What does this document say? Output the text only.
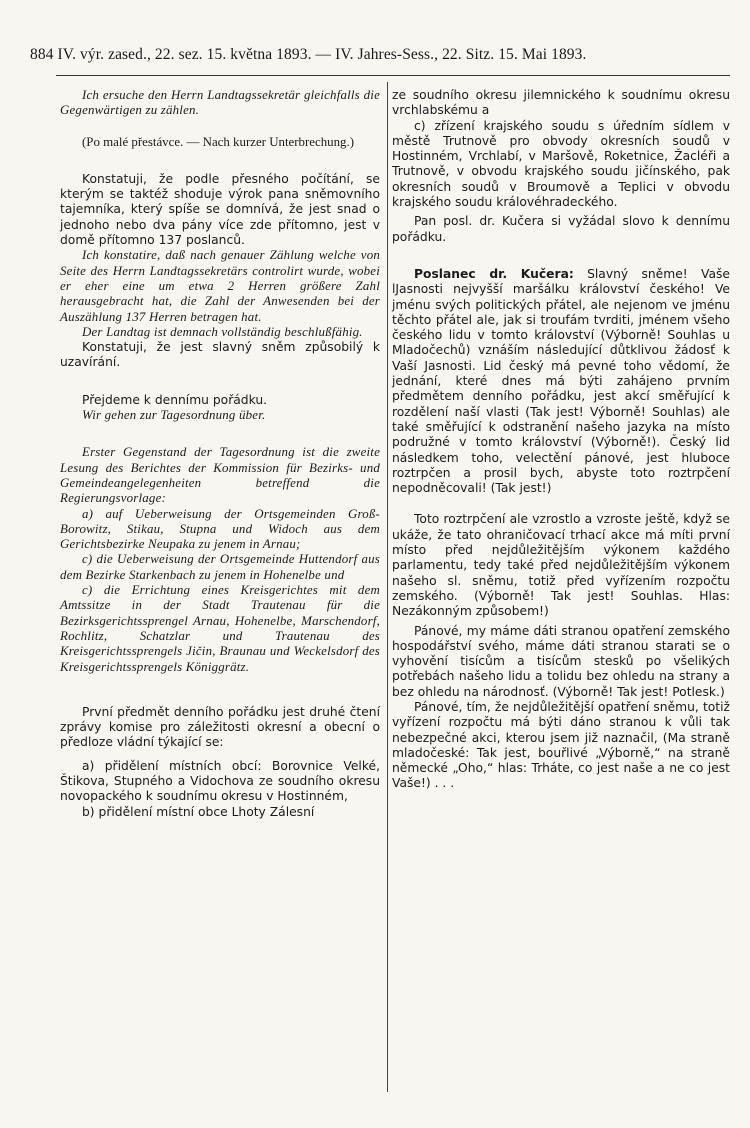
884 IV. výr. zased., 22. sez. 15. května 1893. — IV. Jahres-Sess., 22. Sitz. 15. Mai 1893.

Ich ersuche den Herrn Landtagssekretär gleichfalls die Gegenwärtigen zu zählen.

(Po malé přestávce. — Nach kurzer Unterbrechung.)

Konstatuji, že podle přesného počítání, se kterým se taktéž shoduje výrok pana sněmovního tajemníka, který spíše se domnívá, že jest snad o jednoho nebo dva pány více zde přítomno, jest v domě přítomno 137 poslanců.

Ich konstatire, daß nach genauer Zählung welche von Seite des Herrn Landtagssekretärs controlirt wurde, wobei er eher eine um etwa 2 Herren größere Zahl herausgebracht hat, die Zahl der Anwesenden bei der Auszählung 137 Herren betragen hat.

Der Landtag ist demnach vollständig beschlußfähig.

Konstatuji, že jest slavný sněm způsobilý k uzavírání.

Přejdeme k dennímu pořádku.

Wir gehen zur Tagesordnung über.

Erster Gegenstand der Tagesordnung ist die zweite Lesung des Berichtes der Kommission für Bezirks- und Gemeindeangelegenheiten betreffend die Regierungsvorlage:

a) auf Ueberweisung der Ortsgemeinden Groß-Borowitz, Stikau, Stupna und Widoch aus dem Gerichtsbezirke Neupaka zu jenem in Arnau;

c) die Ueberweisung der Ortsgemeinde Huttendorf aus dem Bezirke Starkenbach zu jenem in Hohenelbe und

c) die Errichtung eines Kreisgerichtes mit dem Amtssitze in der Stadt Trautenau für die Bezirksgerichtssprengel Arnau, Hohenelbe, Marschendorf, Rochlitz, Schatzlar und Trautenau des Kreisgerichtssprengels Jičin, Braunau und Weckelsdorf des Kreisgerichtssprengels Königgrätz.

První předmět denního pořádku jest druhé čtení zprávy komise pro záležitosti okresní a obecní o předloze vládní týkající se:

a) přidělení místních obcí: Borovnice Velké, Štikova, Stupného a Vidochova ze soudního okresu novopackého k soudnímu okresu v Hostinném,

b) přidělení místní obce Lhoty Zálesní

ze soudního okresu jilemnického k soudnímu okresu vrchlabskému a

c) zřízení krajského soudu s úředním sídlem v městě Trutnově pro obvody okresních soudů v Hostinném, Vrchlabí, v Maršově, Roketnice, Žacléři a Trutnově, v obvodu krajského soudu jičínského, pak okresních soudů v Broumově a Teplici v obvodu krajského soudu královéhradeckého.

Pan posl. dr. Kučera si vyžádal slovo k dennímu pořádku.

Poslanec dr. Kučera: Slavný sněme! Vaše lJasnosti nejvyšší maršálku království českého! Ve jménu svých politických přátel, ale nejenom ve jménu těchto přátel ale, jak si troufám tvrditi, jménem všeho českého lidu v tomto království (Výborně! Souhlas u Mladočechů) vznáším následující důtklivou žádosť k Vaší Jasnosti. Lid český má pevné toho vědomí, že jednání, které dnes má býti zahájeno prvním předmětem denního pořádku, jest akcí směřující k rozdělení naší vlasti (Tak jest! Výborně! Souhlas) ale také směřující k odstranění našeho jazyka na místo podružné v tomto království (Výborně!). Český lid následkem toho, velectění pánové, jest hluboce roztrpčen a prosil bych, abyste toto roztrpčení nepodněcovali! (Tak jest!)

Toto roztrpčení ale vzrostlo a vzroste ještě, když se ukáže, že tato ohraničovací trhací akce má míti první místo před nejdůležitějším výkonem každého parlamentu, tedy také před nejdůležitějším výkonem našeho sl. sněmu, totiž před vyřízením rozpočtu zemského. (Výborně! Tak jest! Souhlas. Hlas: Nezákonným způsobem!)

Pánové, my máme dáti stranou opatření zemského hospodářství svého, máme dáti stranou starati se o vyhovění tisícům a tisícům stesků po všelikých potřebách našeho lidu a tolidu bez ohledu na strany a bez ohledu na národnosť. (Výborně! Tak jest! Potlesk.)

Pánové, tím, že nejdůležitější opatření sněmu, totiž vyřízení rozpočtu má býti dáno stranou k vůli tak nebezpečné akci, kterou jsem již naznačil, (Ma straně mladočeské: Tak jest, bouřlivé „Výborně,“ na straně německé „Oho,“ hlas: Trháte, co jest naše a ne co jest Vaše!) . . .
